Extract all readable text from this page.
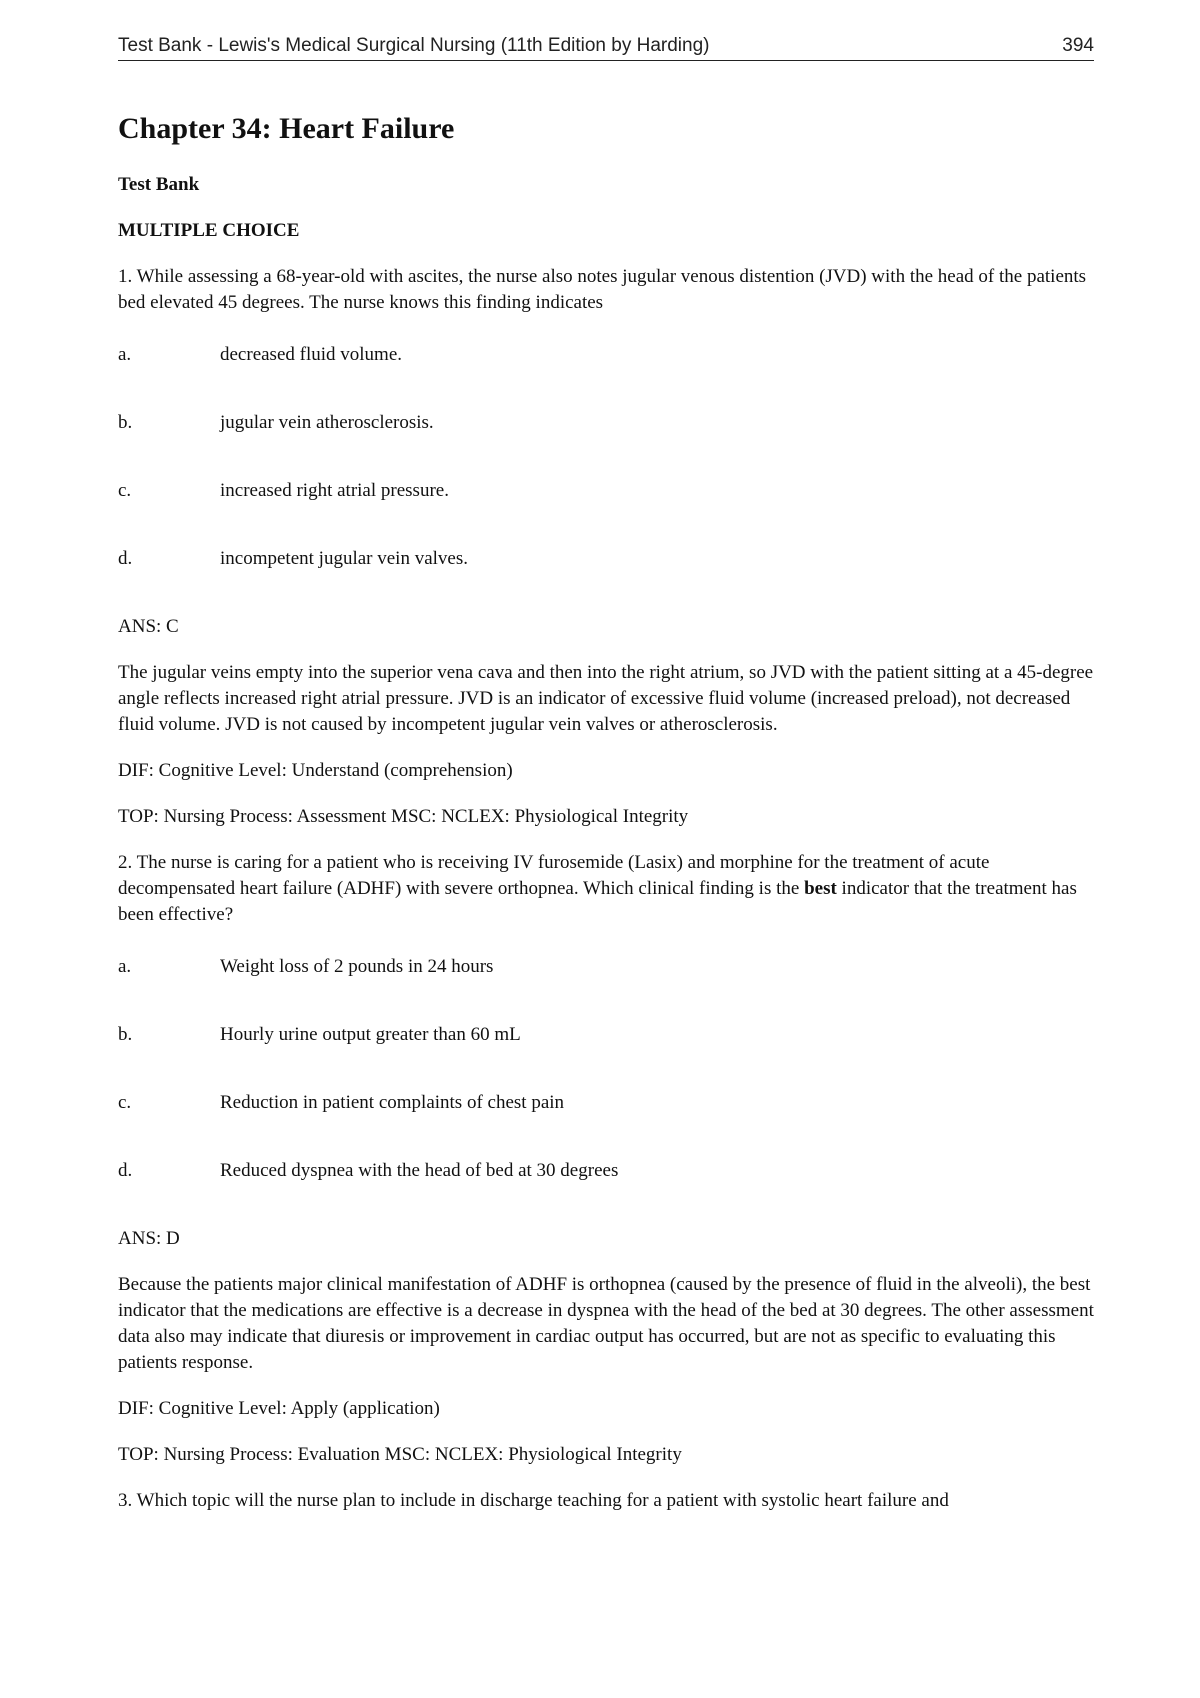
Test Bank - Lewis's Medical Surgical Nursing (11th Edition by Harding)	394
Chapter 34: Heart Failure
Test Bank
MULTIPLE CHOICE
1. While assessing a 68-year-old with ascites, the nurse also notes jugular venous distention (JVD) with the head of the patients bed elevated 45 degrees. The nurse knows this finding indicates
a.	decreased fluid volume.
b.	jugular vein atherosclerosis.
c.	increased right atrial pressure.
d.	incompetent jugular vein valves.
ANS: C
The jugular veins empty into the superior vena cava and then into the right atrium, so JVD with the patient sitting at a 45-degree angle reflects increased right atrial pressure. JVD is an indicator of excessive fluid volume (increased preload), not decreased fluid volume. JVD is not caused by incompetent jugular vein valves or atherosclerosis.
DIF: Cognitive Level: Understand (comprehension)
TOP: Nursing Process: Assessment MSC: NCLEX: Physiological Integrity
2. The nurse is caring for a patient who is receiving IV furosemide (Lasix) and morphine for the treatment of acute decompensated heart failure (ADHF) with severe orthopnea. Which clinical finding is the best indicator that the treatment has been effective?
a.	Weight loss of 2 pounds in 24 hours
b.	Hourly urine output greater than 60 mL
c.	Reduction in patient complaints of chest pain
d.	Reduced dyspnea with the head of bed at 30 degrees
ANS: D
Because the patients major clinical manifestation of ADHF is orthopnea (caused by the presence of fluid in the alveoli), the best indicator that the medications are effective is a decrease in dyspnea with the head of the bed at 30 degrees. The other assessment data also may indicate that diuresis or improvement in cardiac output has occurred, but are not as specific to evaluating this patients response.
DIF: Cognitive Level: Apply (application)
TOP: Nursing Process: Evaluation MSC: NCLEX: Physiological Integrity
3. Which topic will the nurse plan to include in discharge teaching for a patient with systolic heart failure and
